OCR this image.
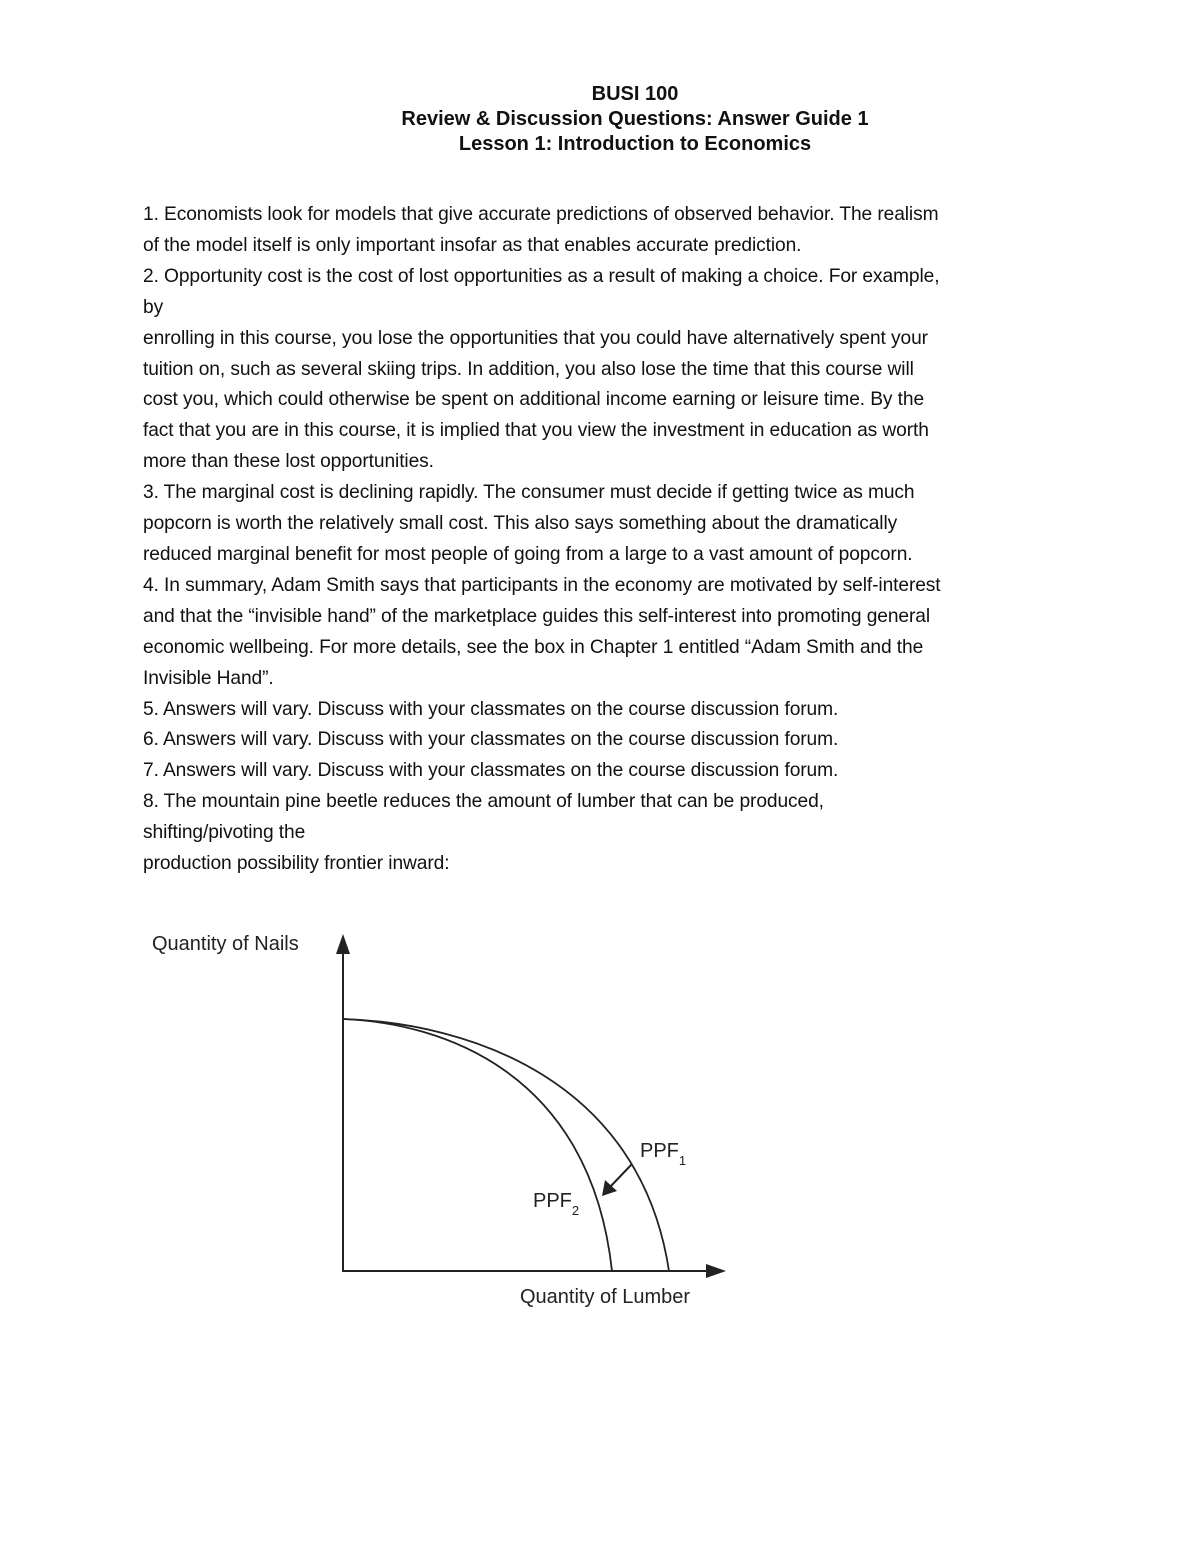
BUSI 100
Review & Discussion Questions: Answer Guide 1
Lesson 1: Introduction to Economics
1. Economists look for models that give accurate predictions of observed behavior. The realism
of the model itself is only important insofar as that enables accurate prediction.
2. Opportunity cost is the cost of lost opportunities as a result of making a choice. For example,
by
enrolling in this course, you lose the opportunities that you could have alternatively spent your
tuition on, such as several skiing trips. In addition, you also lose the time that this course will
cost you, which could otherwise be spent on additional income earning or leisure time. By the
fact that you are in this course, it is implied that you view the investment in education as worth
more than these lost opportunities.
3. The marginal cost is declining rapidly. The consumer must decide if getting twice as much
popcorn is worth the relatively small cost. This also says something about the dramatically
reduced marginal benefit for most people of going from a large to a vast amount of popcorn.
4. In summary, Adam Smith says that participants in the economy are motivated by self-interest
and that the “invisible hand” of the marketplace guides this self-interest into promoting general
economic wellbeing. For more details, see the box in Chapter 1 entitled “Adam Smith and the
Invisible Hand”.
5. Answers will vary. Discuss with your classmates on the course discussion forum.
6. Answers will vary. Discuss with your classmates on the course discussion forum.
7. Answers will vary. Discuss with your classmates on the course discussion forum.
8. The mountain pine beetle reduces the amount of lumber that can be produced,
shifting/pivoting the
production possibility frontier inward:
Quantity of Nails
Quantity of Lumber
$PPF_1$
$PPF_2$
